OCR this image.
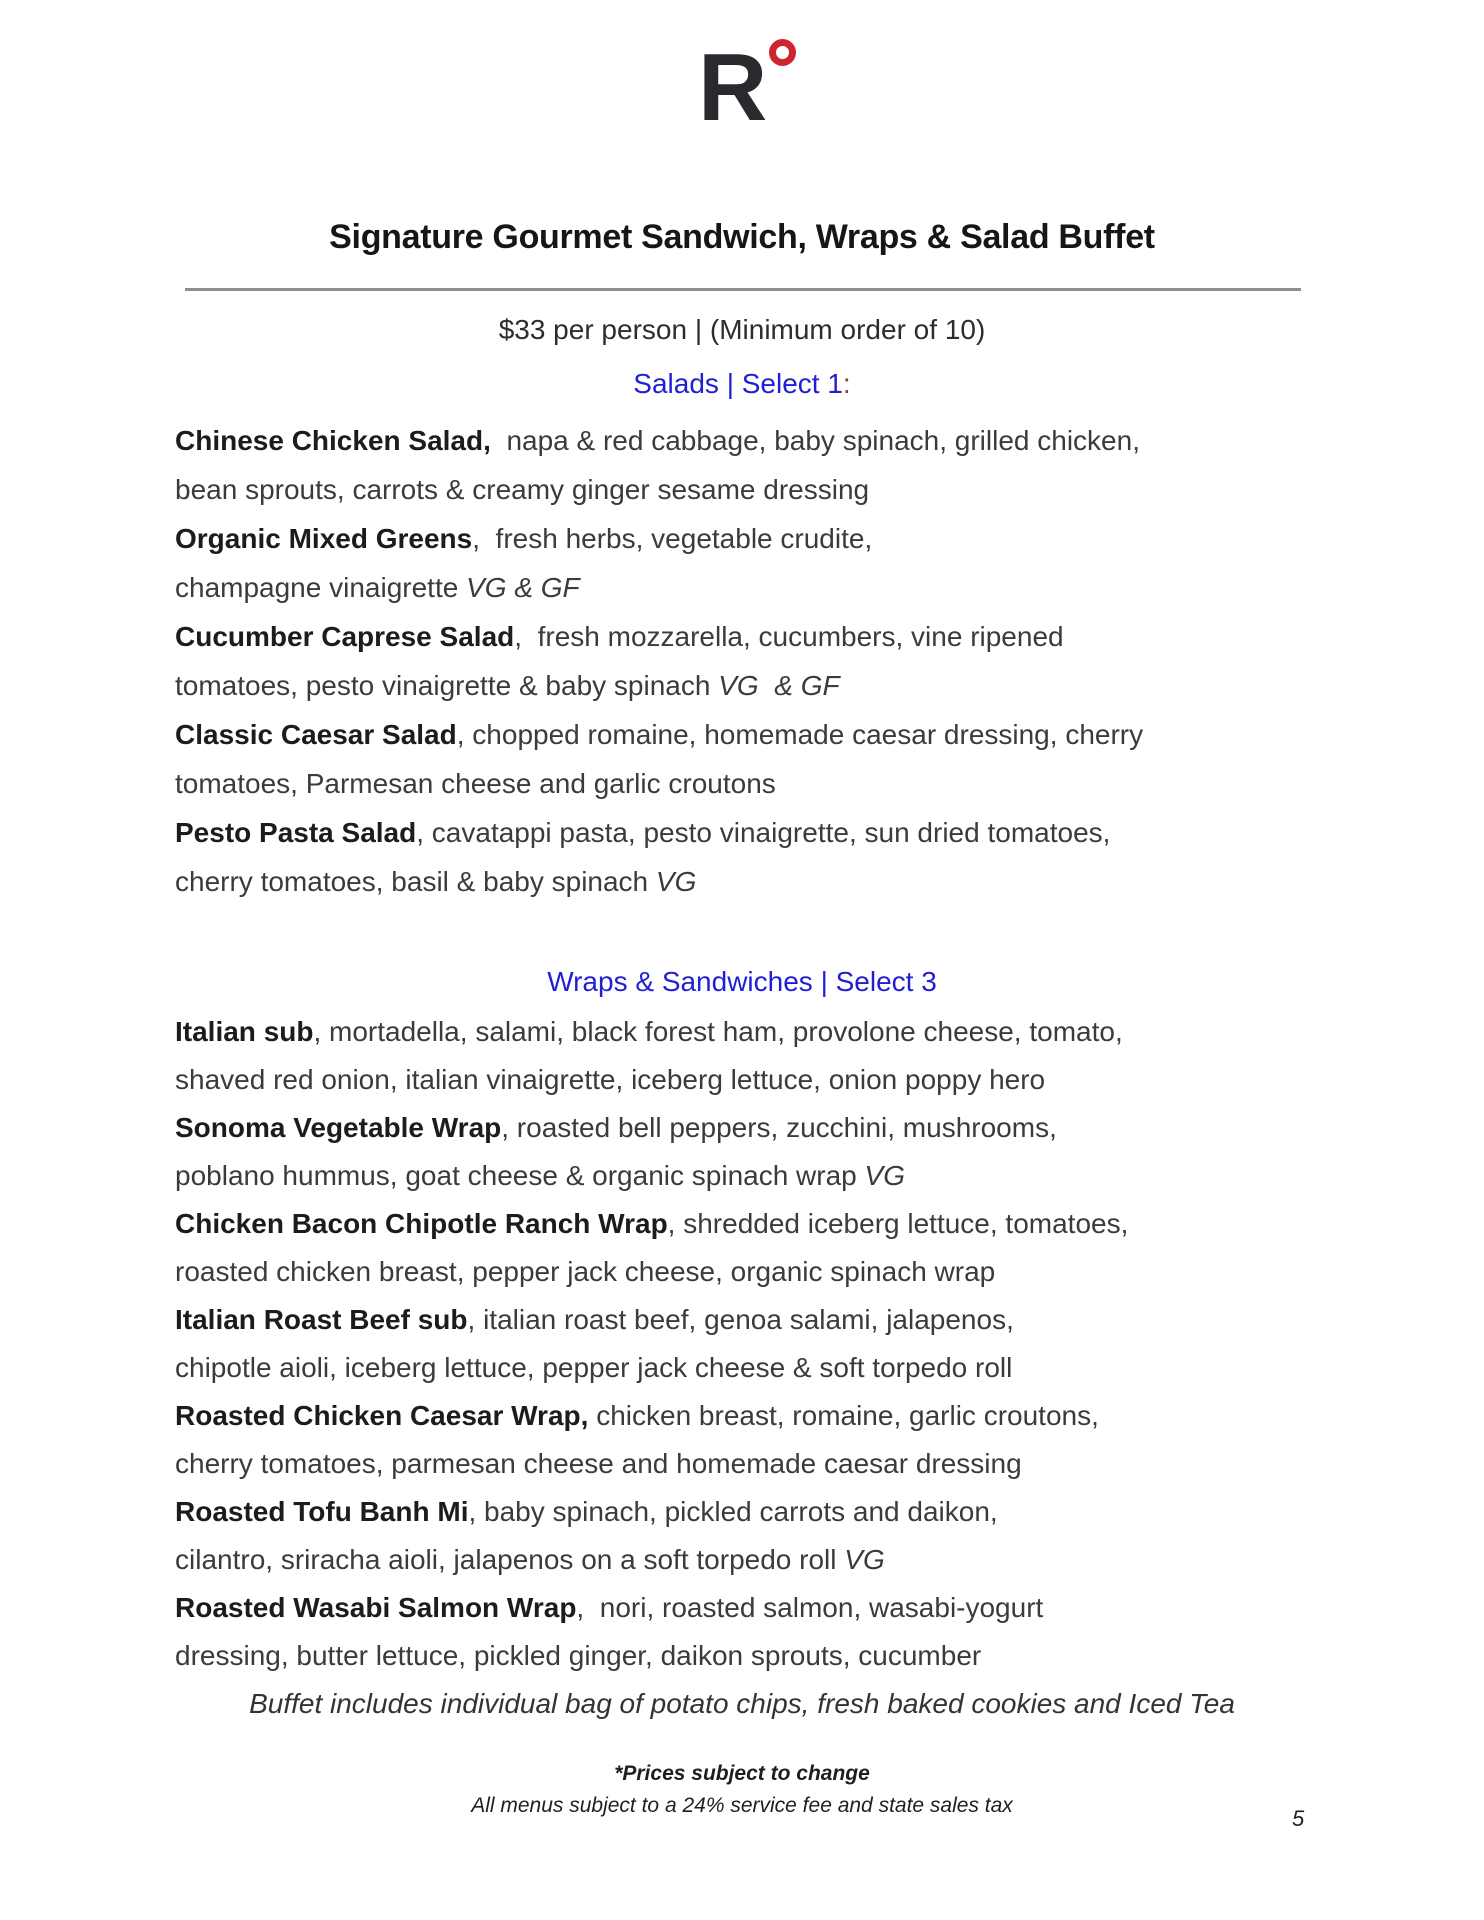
R
Signature Gourmet Sandwich, Wraps & Salad Buffet
$33 per person | (Minimum order of 10)
Salads | Select 1:
Chinese Chicken Salad,  napa & red cabbage, baby spinach, grilled chicken,
bean sprouts, carrots & creamy ginger sesame dressing
Organic Mixed Greens,  fresh herbs, vegetable crudite,
champagne vinaigrette VG & GF
Cucumber Caprese Salad,  fresh mozzarella, cucumbers, vine ripened
tomatoes, pesto vinaigrette & baby spinach VG  & GF
Classic Caesar Salad, chopped romaine, homemade caesar dressing, cherry
tomatoes, Parmesan cheese and garlic croutons
Pesto Pasta Salad, cavatappi pasta, pesto vinaigrette, sun dried tomatoes,
cherry tomatoes, basil & baby spinach VG
Wraps & Sandwiches | Select 3
Italian sub, mortadella, salami, black forest ham, provolone cheese, tomato,
shaved red onion, italian vinaigrette, iceberg lettuce, onion poppy hero
Sonoma Vegetable Wrap, roasted bell peppers, zucchini, mushrooms,
poblano hummus, goat cheese & organic spinach wrap VG
Chicken Bacon Chipotle Ranch Wrap, shredded iceberg lettuce, tomatoes,
roasted chicken breast, pepper jack cheese, organic spinach wrap
Italian Roast Beef sub, italian roast beef, genoa salami, jalapenos,
chipotle aioli, iceberg lettuce, pepper jack cheese & soft torpedo roll
Roasted Chicken Caesar Wrap, chicken breast, romaine, garlic croutons,
cherry tomatoes, parmesan cheese and homemade caesar dressing
Roasted Tofu Banh Mi, baby spinach, pickled carrots and daikon,
cilantro, sriracha aioli, jalapenos on a soft torpedo roll VG
Roasted Wasabi Salmon Wrap,  nori, roasted salmon, wasabi-yogurt
dressing, butter lettuce, pickled ginger, daikon sprouts, cucumber
Buffet includes individual bag of potato chips, fresh baked cookies and Iced Tea
*Prices subject to change
All menus subject to a 24% service fee and state sales tax
5
